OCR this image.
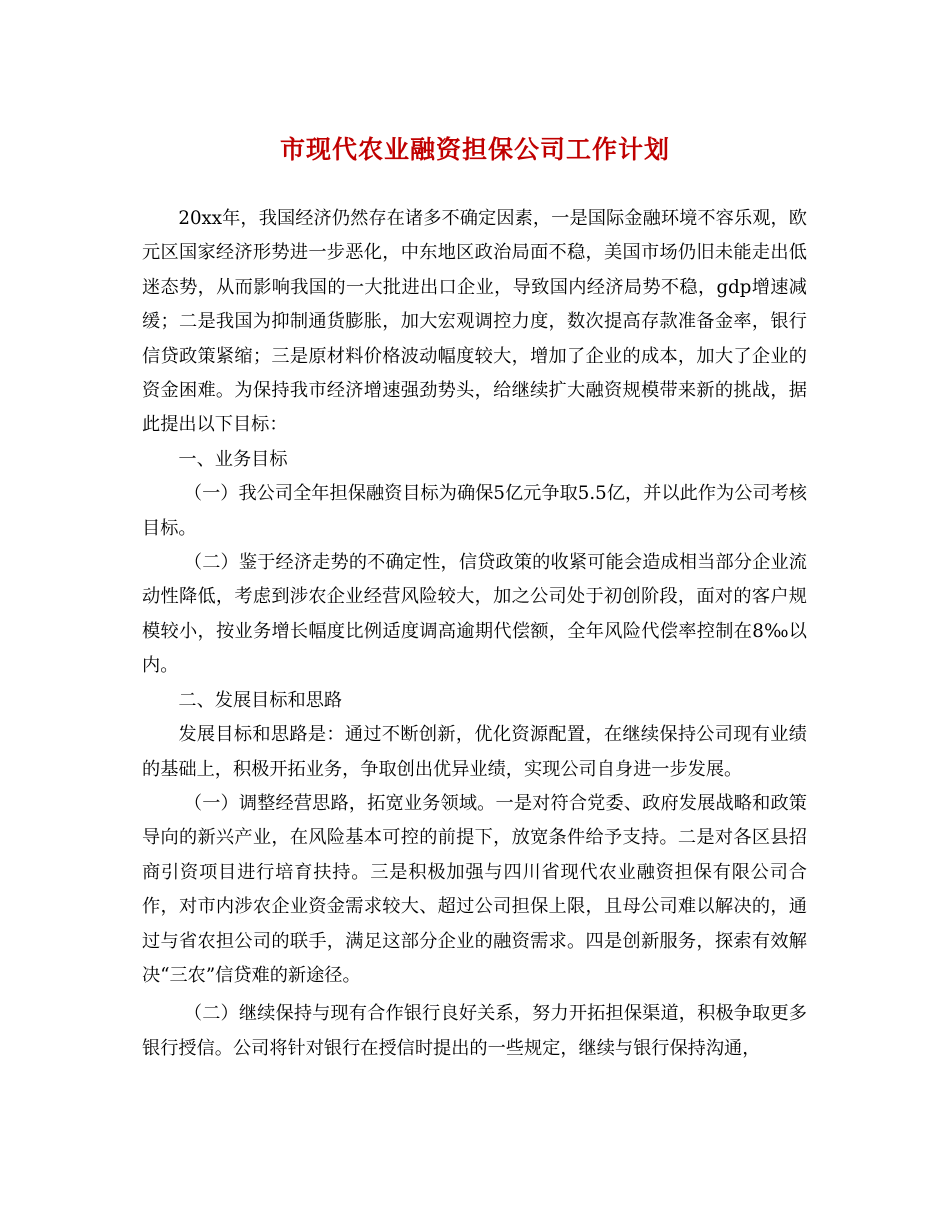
市现代农业融资担保公司工作计划

20xx年，我国经济仍然存在诸多不确定因素，一是国际金融环境不容乐观，欧元区国家经济形势进一步恶化，中东地区政治局面不稳，美国市场仍旧未能走出低迷态势，从而影响我国的一大批进出口企业，导致国内经济局势不稳，gdp增速减缓；二是我国为抑制通货膨胀，加大宏观调控力度，数次提高存款准备金率，银行信贷政策紧缩；三是原材料价格波动幅度较大，增加了企业的成本，加大了企业的资金困难。为保持我市经济增速强劲势头，给继续扩大融资规模带来新的挑战，据此提出以下目标：

一、业务目标

（一）我公司全年担保融资目标为确保5亿元争取5.5亿，并以此作为公司考核目标。

（二）鉴于经济走势的不确定性，信贷政策的收紧可能会造成相当部分企业流动性降低，考虑到涉农企业经营风险较大，加之公司处于初创阶段，面对的客户规模较小，按业务增长幅度比例适度调高逾期代偿额，全年风险代偿率控制在8‰以内。

二、发展目标和思路

发展目标和思路是：通过不断创新，优化资源配置，在继续保持公司现有业绩的基础上，积极开拓业务，争取创出优异业绩，实现公司自身进一步发展。

（一）调整经营思路，拓宽业务领域。一是对符合党委、政府发展战略和政策导向的新兴产业，在风险基本可控的前提下，放宽条件给予支持。二是对各区县招商引资项目进行培育扶持。三是积极加强与四川省现代农业融资担保有限公司合作，对市内涉农企业资金需求较大、超过公司担保上限，且母公司难以解决的，通过与省农担公司的联手，满足这部分企业的融资需求。四是创新服务，探索有效解决“三农”信贷难的新途径。

（二）继续保持与现有合作银行良好关系，努力开拓担保渠道，积极争取更多银行授信。公司将针对银行在授信时提出的一些规定，继续与银行保持沟通，
